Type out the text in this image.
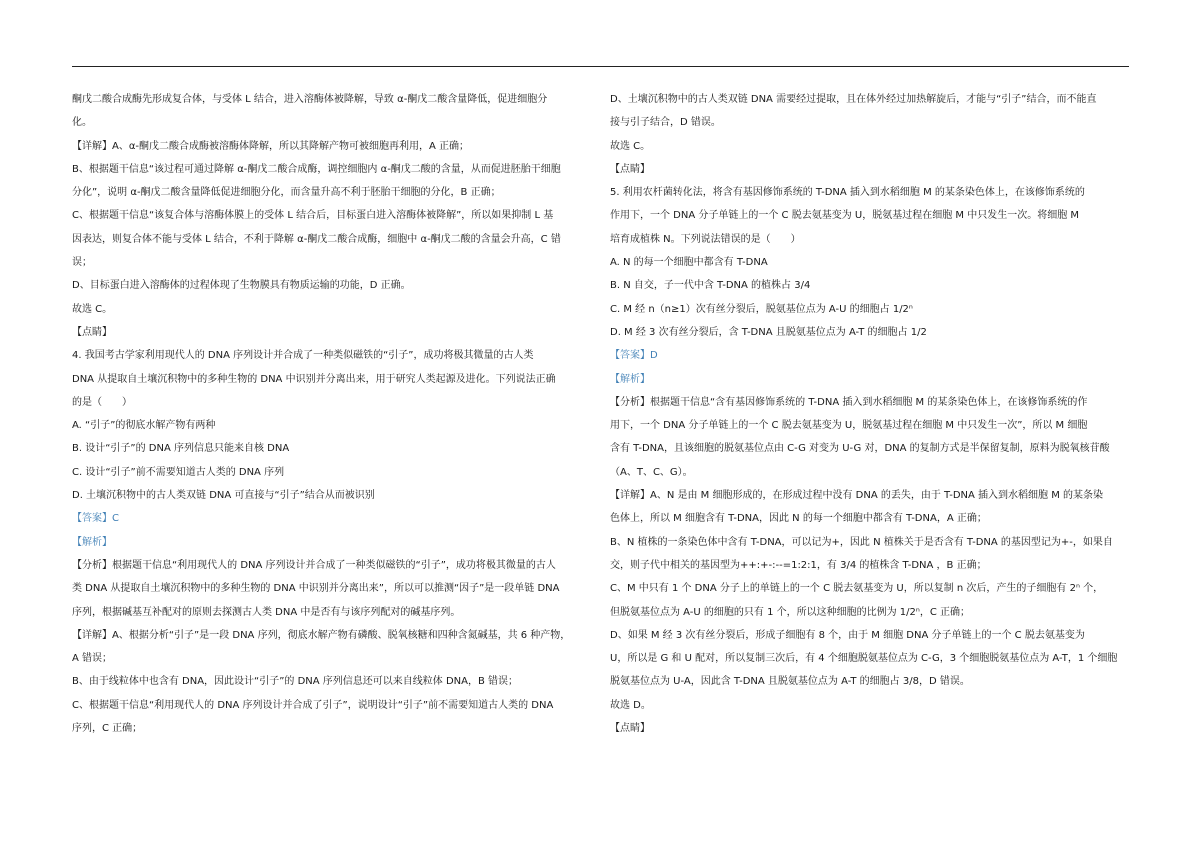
酮戊二酸合成酶先形成复合体，与受体 L 结合，进入溶酶体被降解，导致 α-酮戊二酸含量降低，促进细胞分

化。

【详解】A、α-酮戊二酸合成酶被溶酶体降解，所以其降解产物可被细胞再利用，A 正确；

B、根据题干信息“该过程可通过降解 α-酮戊二酸合成酶，调控细胞内 α-酮戊二酸的含量，从而促进胚胎干细胞

分化”，说明 α-酮戊二酸含量降低促进细胞分化，而含量升高不利于胚胎干细胞的分化，B 正确；

C、根据题干信息“该复合体与溶酶体膜上的受体 L 结合后，目标蛋白进入溶酶体被降解”，所以如果抑制 L 基

因表达，则复合体不能与受体 L 结合，不利于降解 α-酮戊二酸合成酶，细胞中 α-酮戊二酸的含量会升高，C 错

误；

D、目标蛋白进入溶酶体的过程体现了生物膜具有物质运输的功能，D 正确。

故选 C。

【点睛】

4. 我国考古学家利用现代人的 DNA 序列设计并合成了一种类似磁铁的“引子”，成功将极其微量的古人类

DNA 从提取自土壤沉积物中的多种生物的 DNA 中识别并分离出来，用于研究人类起源及进化。下列说法正确

的是（　　）

A. “引子”的彻底水解产物有两种

B. 设计“引子”的 DNA 序列信息只能来自核 DNA

C. 设计“引子”前不需要知道古人类的 DNA 序列

D. 土壤沉积物中的古人类双链 DNA 可直接与“引子”结合从而被识别

【答案】C

【解析】

【分析】根据题干信息“利用现代人的 DNA 序列设计并合成了一种类似磁铁的“引子”，成功将极其微量的古人

类 DNA 从提取自土壤沉积物中的多种生物的 DNA 中识别并分离出来”，所以可以推测“因子”是一段单链 DNA

序列，根据碱基互补配对的原则去探测古人类 DNA 中是否有与该序列配对的碱基序列。

【详解】A、根据分析“引子”是一段 DNA 序列，彻底水解产物有磷酸、脱氧核糖和四种含氮碱基，共 6 种产物，

A 错误；

B、由于线粒体中也含有 DNA，因此设计“引子”的 DNA 序列信息还可以来自线粒体 DNA，B 错误；

C、根据题干信息“利用现代人的 DNA 序列设计并合成了引子”，说明设计“引子”前不需要知道古人类的 DNA

序列，C 正确；

D、土壤沉积物中的古人类双链 DNA 需要经过提取，且在体外经过加热解旋后，才能与“引子”结合，而不能直

接与引子结合，D 错误。

故选 C。

【点睛】

5. 利用农杆菌转化法，将含有基因修饰系统的 T-DNA 插入到水稻细胞 M 的某条染色体上，在该修饰系统的

作用下，一个 DNA 分子单链上的一个 C 脱去氨基变为 U，脱氨基过程在细胞 M 中只发生一次。将细胞 M

培育成植株 N。下列说法错误的是（　　）

A. N 的每一个细胞中都含有 T-DNA

B. N 自交，子一代中含 T-DNA 的植株占 3/4

C. M 经 n（n≥1）次有丝分裂后，脱氨基位点为 A-U 的细胞占 1/2ⁿ

D. M 经 3 次有丝分裂后，含 T-DNA 且脱氨基位点为 A-T 的细胞占 1/2

【答案】D

【解析】

【分析】根据题干信息“含有基因修饰系统的 T-DNA 插入到水稻细胞 M 的某条染色体上，在该修饰系统的作

用下，一个 DNA 分子单链上的一个 C 脱去氨基变为 U，脱氨基过程在细胞 M 中只发生一次”，所以 M 细胞

含有 T-DNA，且该细胞的脱氨基位点由 C-G 对变为 U-G 对，DNA 的复制方式是半保留复制，原料为脱氧核苷酸

（A、T、C、G）。

【详解】A、N 是由 M 细胞形成的，在形成过程中没有 DNA 的丢失，由于 T-DNA 插入到水稻细胞 M 的某条染

色体上，所以 M 细胞含有 T-DNA，因此 N 的每一个细胞中都含有 T-DNA，A 正确；

B、N 植株的一条染色体中含有 T-DNA，可以记为+，因此 N 植株关于是否含有 T-DNA 的基因型记为+-，如果自

交，则子代中相关的基因型为++:+-:--=1:2:1，有 3/4 的植株含 T-DNA ，B 正确；

C、M 中只有 1 个 DNA 分子上的单链上的一个 C 脱去氨基变为 U，所以复制 n 次后，产生的子细胞有 2ⁿ 个，

但脱氨基位点为 A-U 的细胞的只有 1 个，所以这种细胞的比例为 1/2ⁿ，C 正确；

D、如果 M 经 3 次有丝分裂后，形成子细胞有 8 个，由于 M 细胞 DNA 分子单链上的一个 C 脱去氨基变为

U，所以是 G 和 U 配对，所以复制三次后，有 4 个细胞脱氨基位点为 C-G，3 个细胞脱氨基位点为 A-T，1 个细胞

脱氨基位点为 U-A，因此含 T-DNA 且脱氨基位点为 A-T 的细胞占 3/8，D 错误。

故选 D。

【点睛】
